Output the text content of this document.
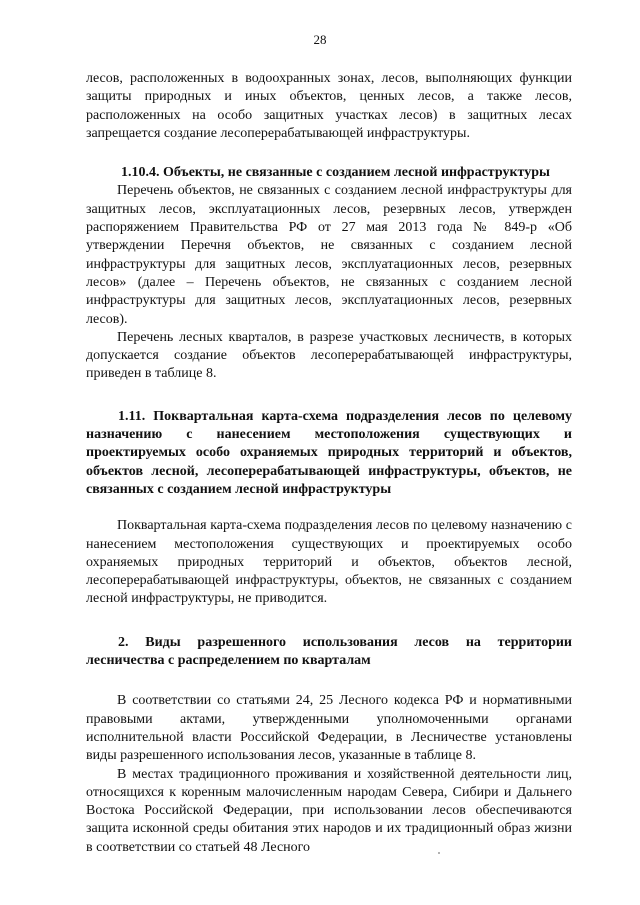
28

лесов, расположенных в водоохранных зонах, лесов, выполняющих функции защиты природных и иных объектов, ценных лесов, а также лесов, расположенных на особо защитных участках лесов) в защитных лесах запрещается создание лесоперерабатывающей инфраструктуры.

1.10.4. Объекты, не связанные с созданием лесной инфраструктуры

Перечень объектов, не связанных с созданием лесной инфраструктуры для защитных лесов, эксплуатационных лесов, резервных лесов, утвержден распоряжением Правительства РФ от 27 мая 2013 года № 849-р «Об утверждении Перечня объектов, не связанных с созданием лесной инфраструктуры для защитных лесов, эксплуатационных лесов, резервных лесов» (далее – Перечень объектов, не связанных с созданием лесной инфраструктуры для защитных лесов, эксплуатационных лесов, резервных лесов).

Перечень лесных кварталов, в разрезе участковых лесничеств, в которых допускается создание объектов лесоперерабатывающей инфраструктуры, приведен в таблице 8.

1.11. Поквартальная карта-схема подразделения лесов по целевому назначению с нанесением местоположения существующих и проектируемых особо охраняемых природных территорий и объектов, объектов лесной, лесоперерабатывающей инфраструктуры, объектов, не связанных с созданием лесной инфраструктуры

Поквартальная карта-схема подразделения лесов по целевому назначению с нанесением местоположения существующих и проектируемых особо охраняемых природных территорий и объектов, объектов лесной, лесоперерабатывающей инфраструктуры, объектов, не связанных с созданием лесной инфраструктуры, не приводится.

2. Виды разрешенного использования лесов на территории лесничества с распределением по кварталам

В соответствии со статьями 24, 25 Лесного кодекса РФ и нормативными правовыми актами, утвержденными уполномоченными органами исполнительной власти Российской Федерации, в Лесничестве установлены виды разрешенного использования лесов, указанные в таблице 8.

В местах традиционного проживания и хозяйственной деятельности лиц, относящихся к коренным малочисленным народам Севера, Сибири и Дальнего Востока Российской Федерации, при использовании лесов обеспечиваются защита исконной среды обитания этих народов и их традиционный образ жизни в соответствии со статьей 48 Лесного
